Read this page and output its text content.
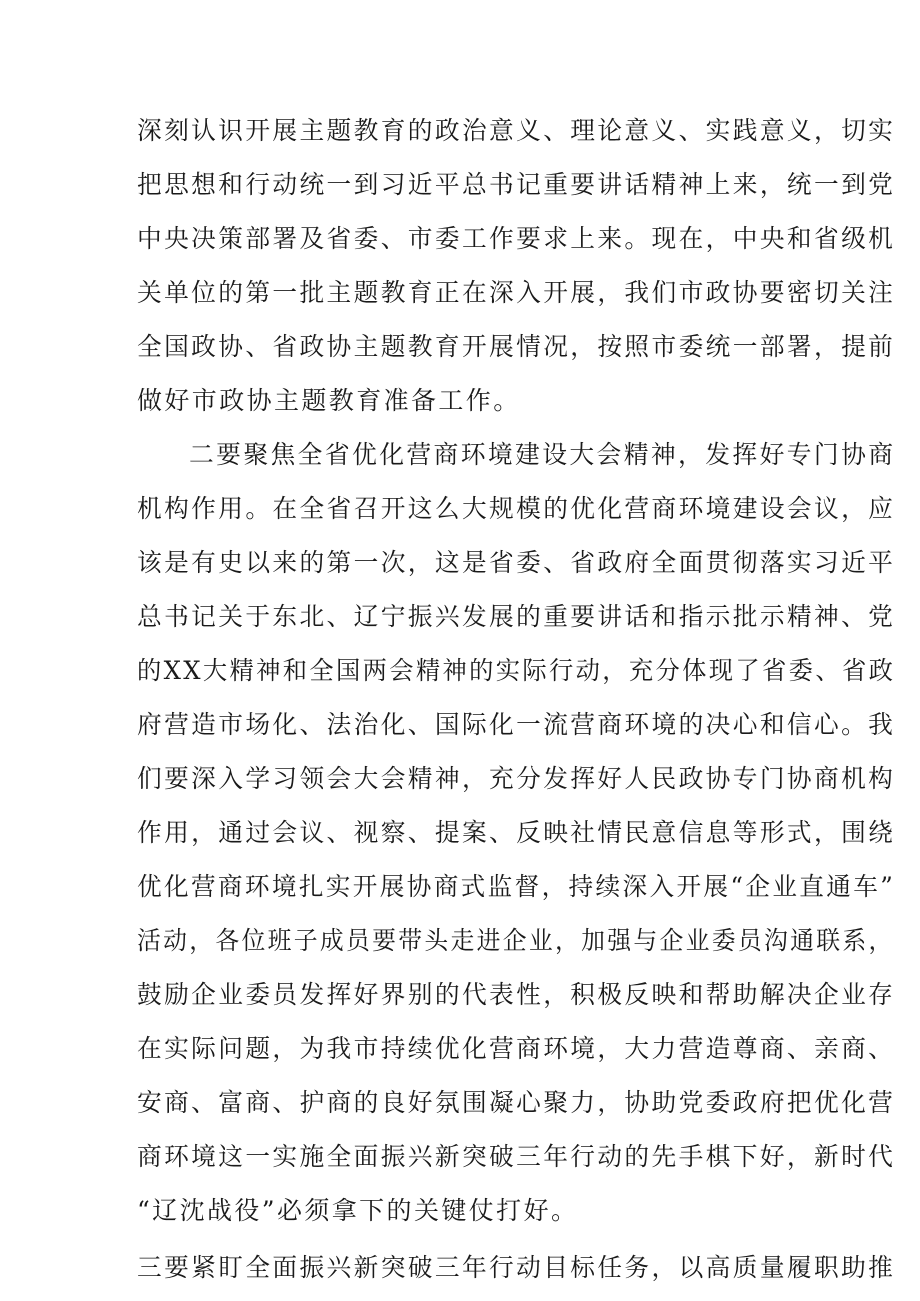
深刻认识开展主题教育的政治意义、理论意义、实践意义，切实
把思想和行动统一到习近平总书记重要讲话精神上来，统一到党
中央决策部署及省委、市委工作要求上来。现在，中央和省级机
关单位的第一批主题教育正在深入开展，我们市政协要密切关注
全国政协、省政协主题教育开展情况，按照市委统一部署，提前
做好市政协主题教育准备工作。
二要聚焦全省优化营商环境建设大会精神，发挥好专门协商
机构作用。在全省召开这么大规模的优化营商环境建设会议，应
该是有史以来的第一次，这是省委、省政府全面贯彻落实习近平
总书记关于东北、辽宁振兴发展的重要讲话和指示批示精神、党
的XX大精神和全国两会精神的实际行动，充分体现了省委、省政
府营造市场化、法治化、国际化一流营商环境的决心和信心。我
们要深入学习领会大会精神，充分发挥好人民政协专门协商机构
作用，通过会议、视察、提案、反映社情民意信息等形式，围绕
优化营商环境扎实开展协商式监督，持续深入开展“企业直通车”
活动，各位班子成员要带头走进企业，加强与企业委员沟通联系，
鼓励企业委员发挥好界别的代表性，积极反映和帮助解决企业存
在实际问题，为我市持续优化营商环境，大力营造尊商、亲商、
安商、富商、护商的良好氛围凝心聚力，协助党委政府把优化营
商环境这一实施全面振兴新突破三年行动的先手棋下好，新时代
“辽沈战役”必须拿下的关键仗打好。
三要紧盯全面振兴新突破三年行动目标任务，以高质量履职助推
